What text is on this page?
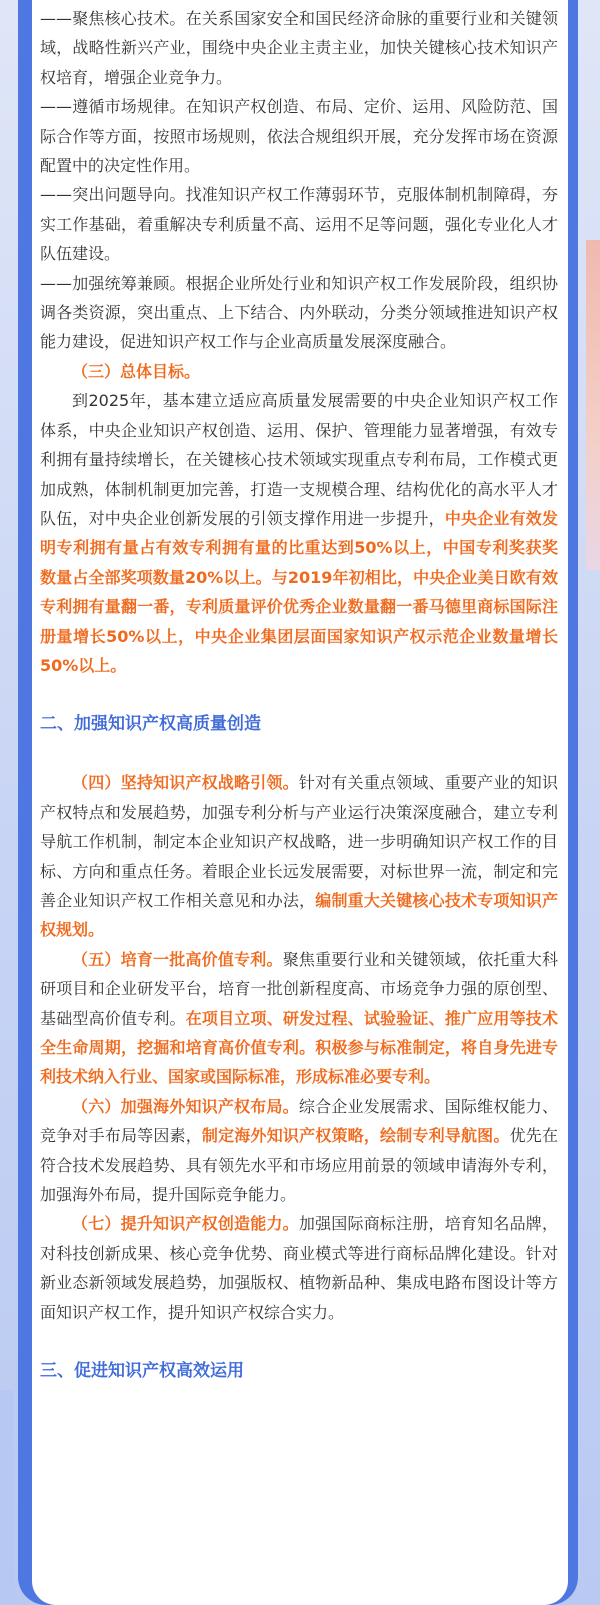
——聚焦核心技术。在关系国家安全和国民经济命脉的重要行业和关键领域，战略性新兴产业，围绕中央企业主责主业，加快关键核心技术知识产权培育，增强企业竞争力。

——遵循市场规律。在知识产权创造、布局、定价、运用、风险防范、国际合作等方面，按照市场规则，依法合规组织开展，充分发挥市场在资源配置中的决定性作用。

——突出问题导向。找准知识产权工作薄弱环节，克服体制机制障碍，夯实工作基础，着重解决专利质量不高、运用不足等问题，强化专业化人才队伍建设。

——加强统筹兼顾。根据企业所处行业和知识产权工作发展阶段，组织协调各类资源，突出重点、上下结合、内外联动，分类分领域推进知识产权能力建设，促进知识产权工作与企业高质量发展深度融合。

（三）总体目标。

到2025年，基本建立适应高质量发展需要的中央企业知识产权工作体系，中央企业知识产权创造、运用、保护、管理能力显著增强，有效专利拥有量持续增长，在关键核心技术领域实现重点专利布局，工作模式更加成熟，体制机制更加完善，打造一支规模合理、结构优化的高水平人才队伍，对中央企业创新发展的引领支撑作用进一步提升，中央企业有效发明专利拥有量占有效专利拥有量的比重达到50%以上，中国专利奖获奖数量占全部奖项数量20%以上。与2019年初相比，中央企业美日欧有效专利拥有量翻一番，专利质量评价优秀企业数量翻一番马德里商标国际注册量增长50%以上，中央企业集团层面国家知识产权示范企业数量增长50%以上。

二、加强知识产权高质量创造

（四）坚持知识产权战略引领。针对有关重点领域、重要产业的知识产权特点和发展趋势，加强专利分析与产业运行决策深度融合，建立专利导航工作机制，制定本企业知识产权战略，进一步明确知识产权工作的目标、方向和重点任务。着眼企业长远发展需要，对标世界一流，制定和完善企业知识产权工作相关意见和办法，编制重大关键核心技术专项知识产权规划。

（五）培育一批高价值专利。聚焦重要行业和关键领域，依托重大科研项目和企业研发平台，培育一批创新程度高、市场竞争力强的原创型、基础型高价值专利。在项目立项、研发过程、试验验证、推广应用等技术全生命周期，挖掘和培育高价值专利。积极参与标准制定，将自身先进专利技术纳入行业、国家或国际标准，形成标准必要专利。

（六）加强海外知识产权布局。综合企业发展需求、国际维权能力、竞争对手布局等因素，制定海外知识产权策略，绘制专利导航图。优先在符合技术发展趋势、具有领先水平和市场应用前景的领域申请海外专利，加强海外布局，提升国际竞争能力。

（七）提升知识产权创造能力。加强国际商标注册，培育知名品牌，对科技创新成果、核心竞争优势、商业模式等进行商标品牌化建设。针对新业态新领域发展趋势，加强版权、植物新品种、集成电路布图设计等方面知识产权工作，提升知识产权综合实力。

三、促进知识产权高效运用
